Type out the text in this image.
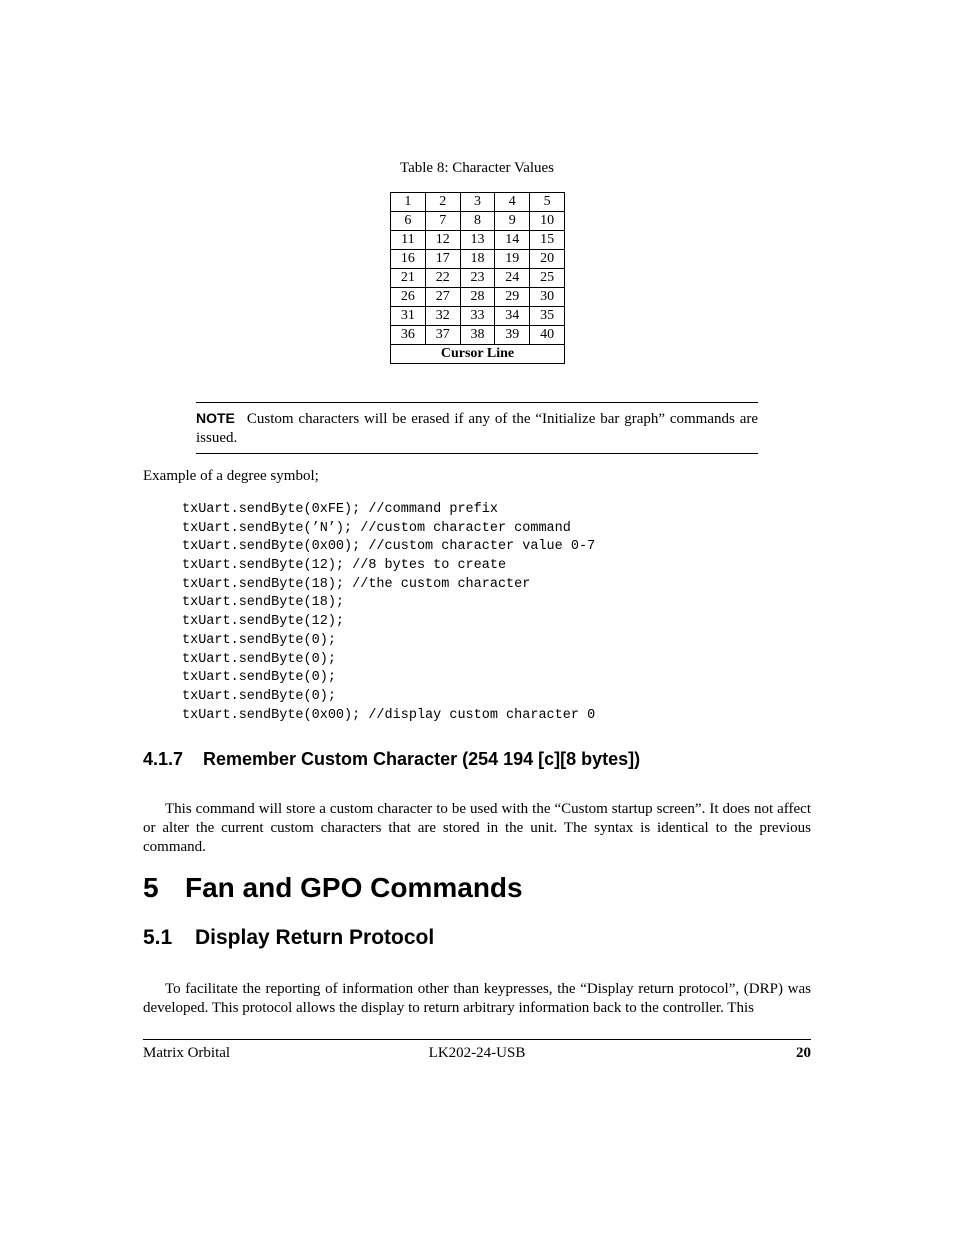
Table 8: Character Values
1	2	3	4	5
6	7	8	9	10
11	12	13	14	15
16	17	18	19	20
21	22	23	24	25
26	27	28	29	30
31	32	33	34	35
36	37	38	39	40
Cursor Line				
NOTE Custom characters will be erased if any of the “Initialize bar graph” commands are issued.
Example of a degree symbol;
txUart.sendByte(0xFE); //command prefix
txUart.sendByte(’N’); //custom character command
txUart.sendByte(0x00); //custom character value 0-7
txUart.sendByte(12); //8 bytes to create
txUart.sendByte(18); //the custom character
txUart.sendByte(18);
txUart.sendByte(12);
txUart.sendByte(0);
txUart.sendByte(0);
txUart.sendByte(0);
txUart.sendByte(0);
txUart.sendByte(0x00); //display custom character 0
4.1.7 Remember Custom Character (254 194 [c][8 bytes])
This command will store a custom character to be used with the “Custom startup screen”. It does not affect or alter the current custom characters that are stored in the unit. The syntax is identical to the previous command.
5 Fan and GPO Commands
5.1 Display Return Protocol
To facilitate the reporting of information other than keypresses, the “Display return protocol”, (DRP) was developed. This protocol allows the display to return arbitrary information back to the controller. This
Matrix Orbital	LK202-24-USB	20
